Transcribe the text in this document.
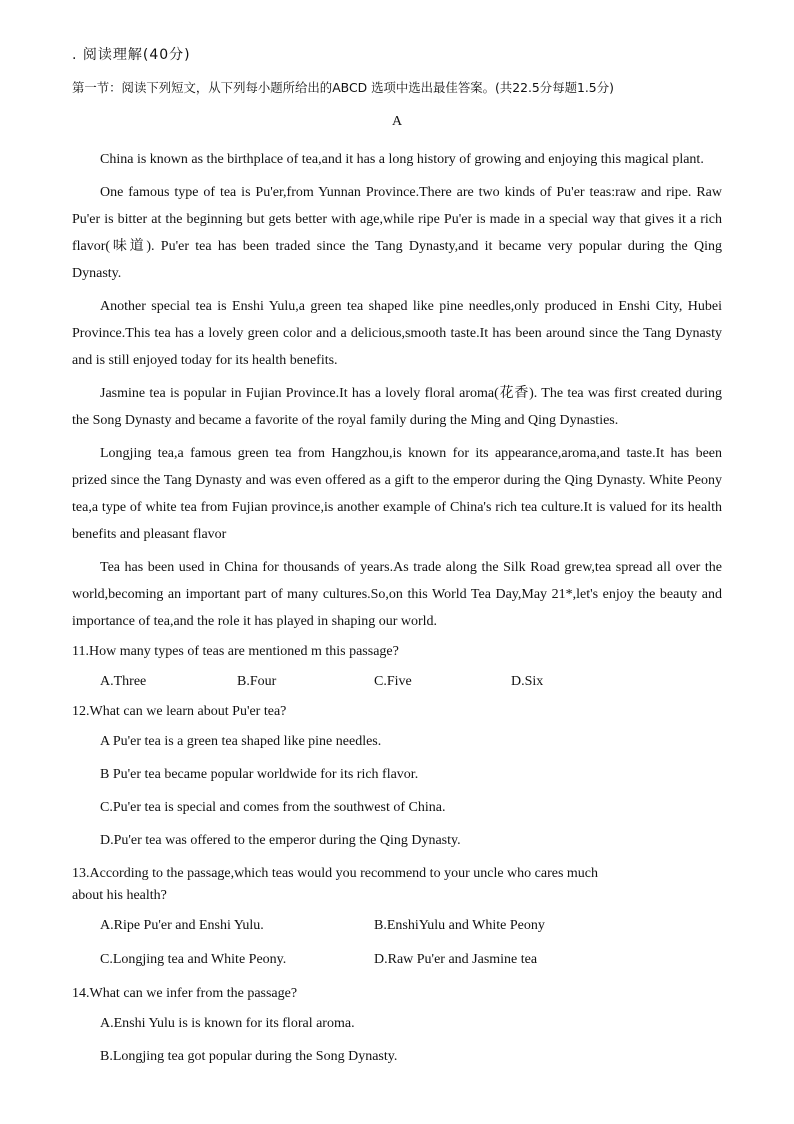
. 阅读理解(40分)
第一节：阅读下列短文，从下列每小题所给出的ABCD 选项中选出最佳答案。(共22.5分每题1.5分)
A

China is known as the birthplace of tea,and it has a long history of growing and enjoying this magical plant.

One famous type of tea is Pu'er,from Yunnan Province.There are two kinds of Pu'er teas:raw and ripe. Raw Pu'er is bitter at the beginning but gets better with age,while ripe Pu'er is made in a special way that gives it a rich flavor(味道). Pu'er tea has been traded since the Tang Dynasty,and it became very popular during the Qing Dynasty.

Another special tea is Enshi Yulu,a green tea shaped like pine needles,only produced in Enshi City, Hubei Province.This tea has a lovely green color and a delicious,smooth taste.It has been around since the Tang Dynasty and is still enjoyed today for its health benefits.

Jasmine tea is popular in Fujian Province.It has a lovely floral aroma(花香). The tea was first created during the Song Dynasty and became a favorite of the royal family during the Ming and Qing Dynasties.

Longjing tea,a famous green tea from Hangzhou,is known for its appearance,aroma,and taste.It has been prized since the Tang Dynasty and was even offered as a gift to the emperor during the Qing Dynasty. White Peony tea,a type of white tea from Fujian province,is another example of China's rich tea culture.It is valued for its health benefits and pleasant flavor

Tea has been used in China for thousands of years.As trade along the Silk Road grew,tea spread all over the world,becoming an important part of many cultures.So,on this World Tea Day,May 21*,let's enjoy the beauty and importance of tea,and the role it has played in shaping our world.

11.How many types of teas are mentioned m this passage?
A.Three	B.Four	C.Five	D.Six
12.What can we learn about Pu'er tea?
A Pu'er tea is a green tea shaped like pine needles.
B Pu'er tea became popular worldwide for its rich flavor.
C.Pu'er tea is special and comes from the southwest of China.
D.Pu'er tea was offered to the emperor during the Qing Dynasty.
13.According to the passage,which teas would you recommend to your uncle who cares much about his health?
A.Ripe Pu'er and Enshi Yulu.	B.EnshiYulu and White Peony
C.Longjing tea and White Peony.	D.Raw Pu'er and Jasmine tea
14.What can we infer from the passage?
A.Enshi Yulu is is known for its floral aroma.
B.Longjing tea got popular during the Song Dynasty.
